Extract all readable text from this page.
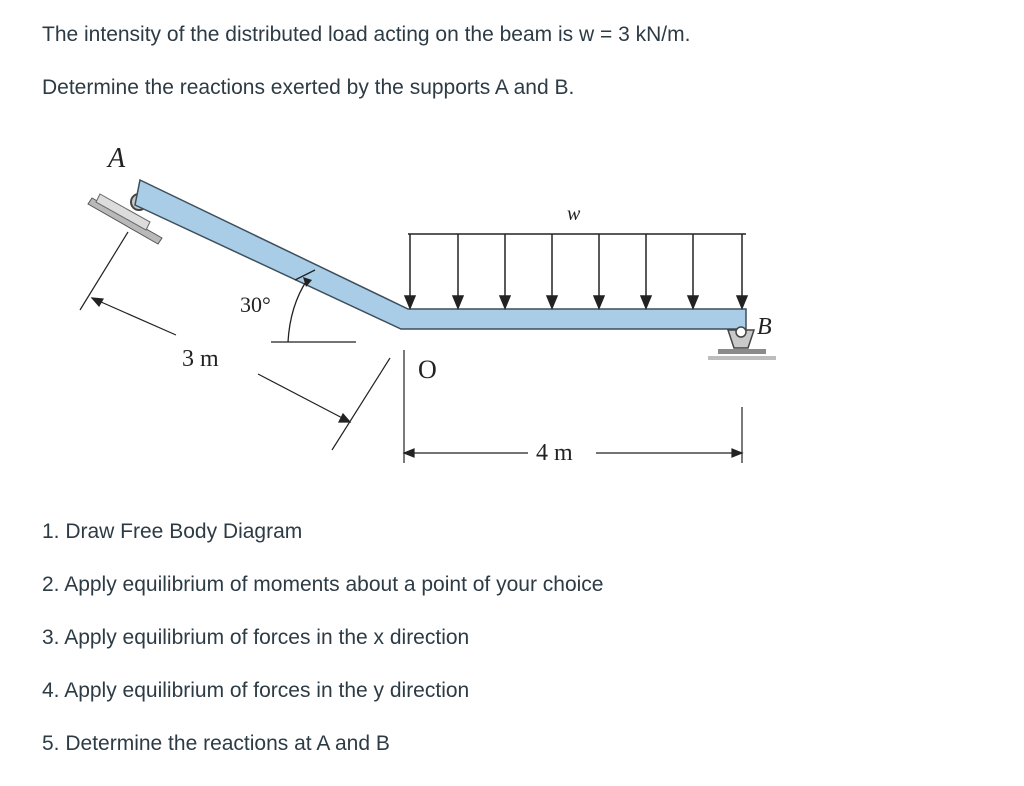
The intensity of the distributed load acting on the beam is w = 3 kN/m.

Determine the reactions exerted by the supports A and B.

A
B
O
w
30°
3 m
4 m

1. Draw Free Body Diagram

2. Apply equilibrium of moments about a point of your choice

3. Apply equilibrium of forces in the x direction

4. Apply equilibrium of forces in the y direction

5. Determine the reactions at A and B
